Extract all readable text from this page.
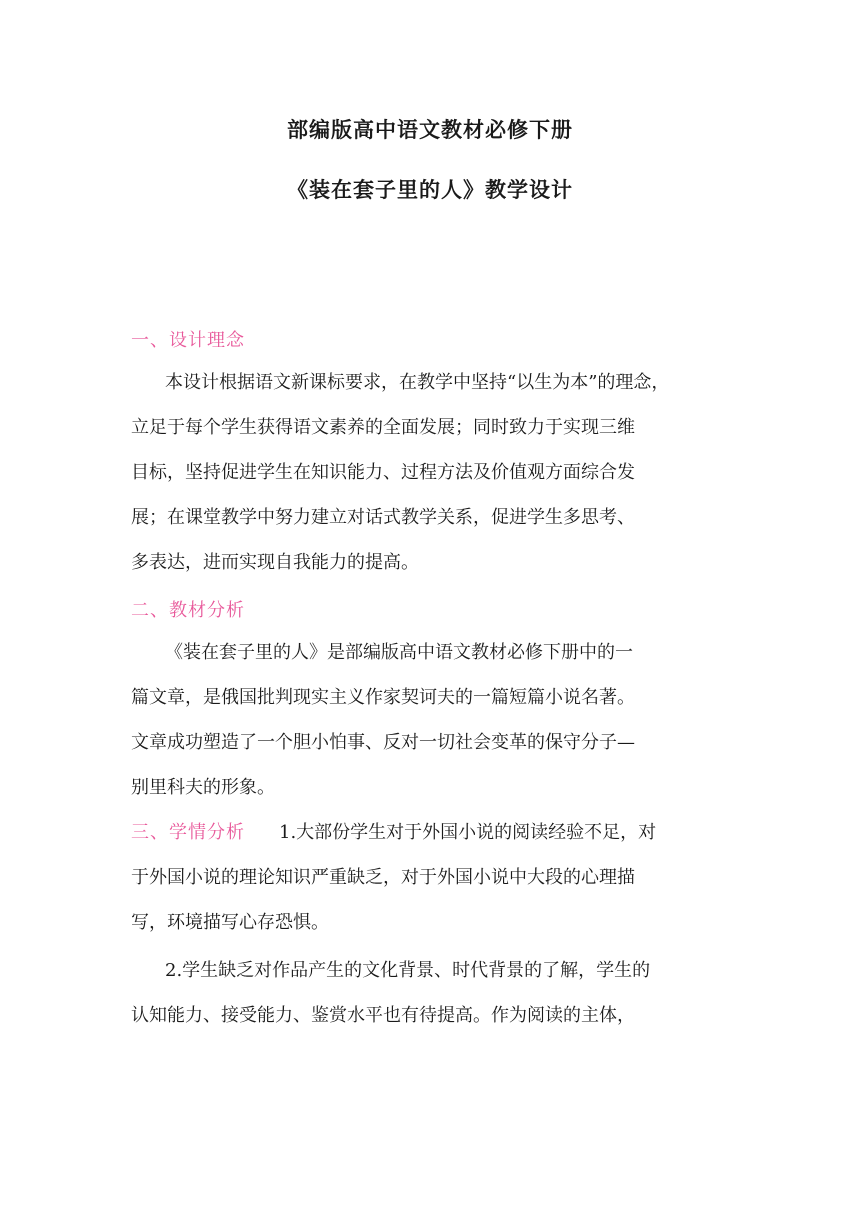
部编版高中语文教材必修下册
《装在套子里的人》教学设计
一、设计理念
本设计根据语文新课标要求，在教学中坚持“以生为本”的理念，
立足于每个学生获得语文素养的全面发展；同时致力于实现三维
目标，坚持促进学生在知识能力、过程方法及价值观方面综合发
展；在课堂教学中努力建立对话式教学关系，促进学生多思考、
多表达，进而实现自我能力的提高。
二、教材分析
《装在套子里的人》是部编版高中语文教材必修下册中的一
篇文章，是俄国批判现实主义作家契诃夫的一篇短篇小说名著。
文章成功塑造了一个胆小怕事、反对一切社会变革的保守分子—
别里科夫的形象。
三、学情分析 1.大部份学生对于外国小说的阅读经验不足，对
于外国小说的理论知识严重缺乏，对于外国小说中大段的心理描
写，环境描写心存恐惧。
2.学生缺乏对作品产生的文化背景、时代背景的了解，学生的
认知能力、接受能力、鉴赏水平也有待提高。作为阅读的主体，
